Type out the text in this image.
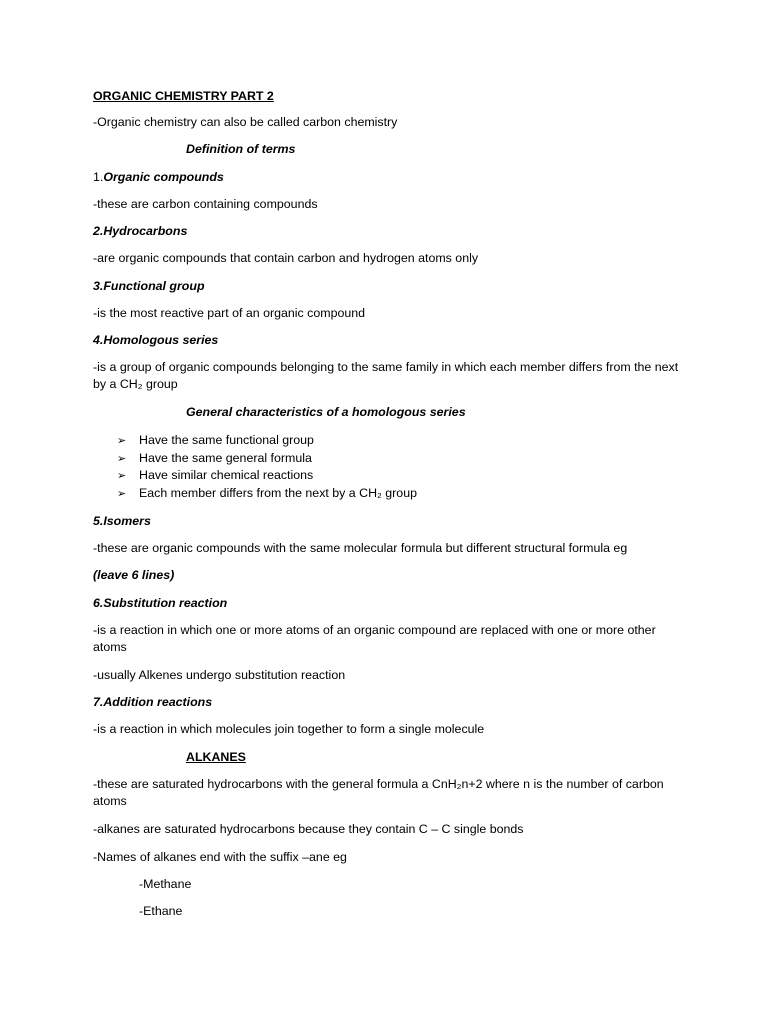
ORGANIC CHEMISTRY PART 2
-Organic chemistry can also be called carbon chemistry
Definition of terms
1.Organic compounds
-these are carbon containing compounds
2.Hydrocarbons
-are organic compounds that contain carbon and hydrogen atoms only
3.Functional group
-is the most reactive part of an organic compound
4.Homologous series
-is a group of organic compounds belonging to the same family in which each member differs from the next by a CH₂ group
General characteristics of a homologous series
➢ Have the same functional group
➢ Have the same general formula
➢ Have similar chemical reactions
➢ Each member differs from the next by a CH₂ group
5.Isomers
-these are organic compounds with the same molecular formula but different structural formula eg
(leave 6 lines)
6.Substitution reaction
-is a reaction in which one or more atoms of an organic compound are replaced with one or more other atoms
-usually Alkenes undergo substitution reaction
7.Addition reactions
-is a reaction in which molecules join together to form a single molecule
ALKANES
-these are saturated hydrocarbons with the general formula a CnH₂n+2 where n is the number of carbon atoms
-alkanes are saturated hydrocarbons because they contain C – C single bonds
-Names of alkanes end with the suffix –ane eg
-Methane
-Ethane
